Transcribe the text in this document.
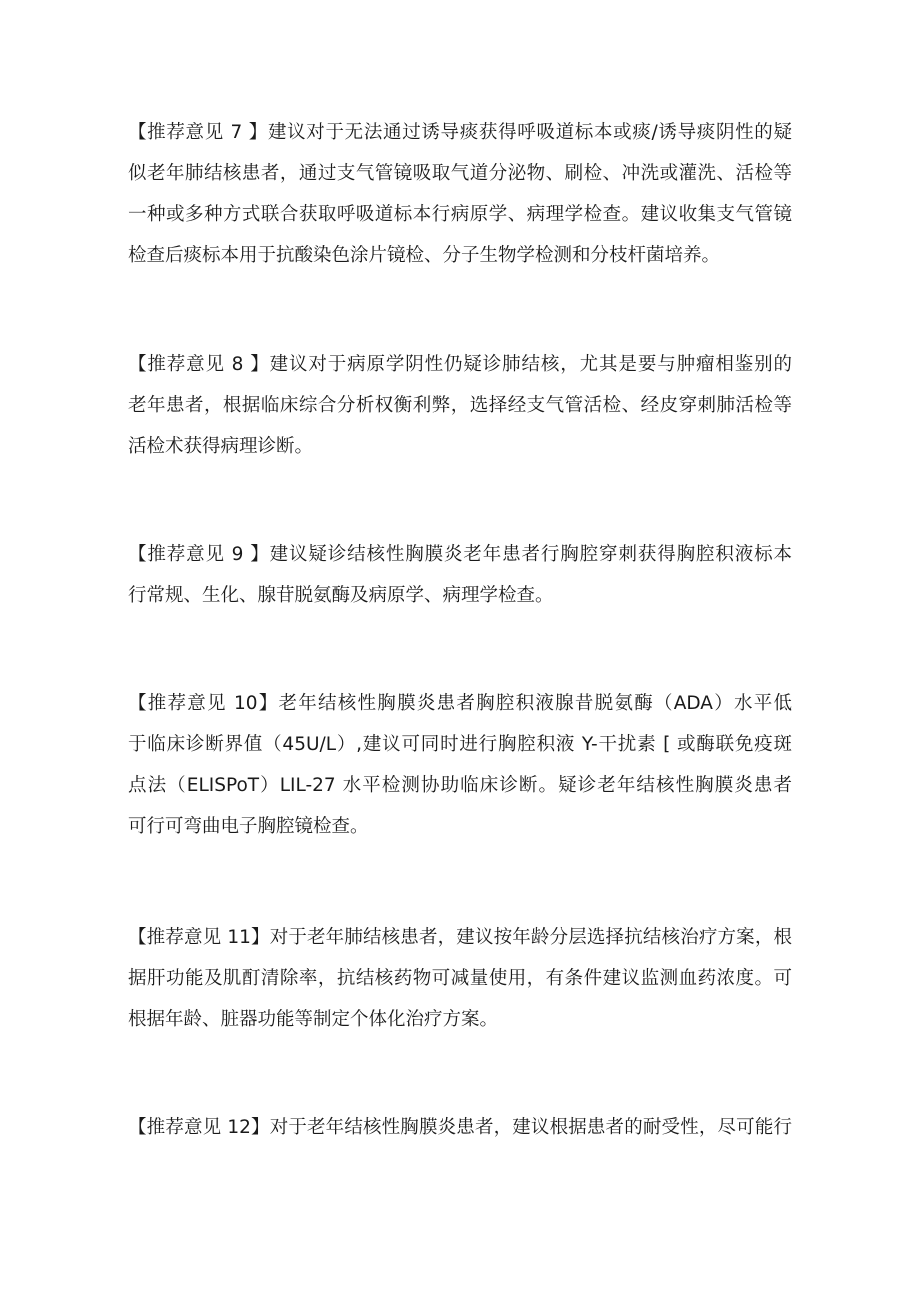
【推荐意见 7 】建议对于无法通过诱导痰获得呼吸道标本或痰/诱导痰阴性的疑
似老年肺结核患者，通过支气管镜吸取气道分泌物、刷检、冲洗或灌洗、活检等
一种或多种方式联合获取呼吸道标本行病原学、病理学检查。建议收集支气管镜
检查后痰标本用于抗酸染色涂片镜检、分子生物学检测和分枝杆菌培养。

【推荐意见 8 】建议对于病原学阴性仍疑诊肺结核，尤其是要与肿瘤相鉴别的
老年患者，根据临床综合分析权衡利弊，选择经支气管活检、经皮穿刺肺活检等
活检术获得病理诊断。

【推荐意见 9 】建议疑诊结核性胸膜炎老年患者行胸腔穿刺获得胸腔积液标本
行常规、生化、腺苷脱氨酶及病原学、病理学检查。

【推荐意见 10】老年结核性胸膜炎患者胸腔积液腺昔脱氨酶（ADA）水平低
于临床诊断界值（45U/L）,建议可同时进行胸腔积液 Y-干扰素 [ 或酶联免疫斑
点法（ELISPoT）LIL-27 水平检测协助临床诊断。疑诊老年结核性胸膜炎患者
可行可弯曲电子胸腔镜检查。

【推荐意见 11】对于老年肺结核患者，建议按年龄分层选择抗结核治疗方案，根
据肝功能及肌酊清除率，抗结核药物可减量使用，有条件建议监测血药浓度。可
根据年龄、脏器功能等制定个体化治疗方案。

【推荐意见 12】对于老年结核性胸膜炎患者，建议根据患者的耐受性，尽可能行
